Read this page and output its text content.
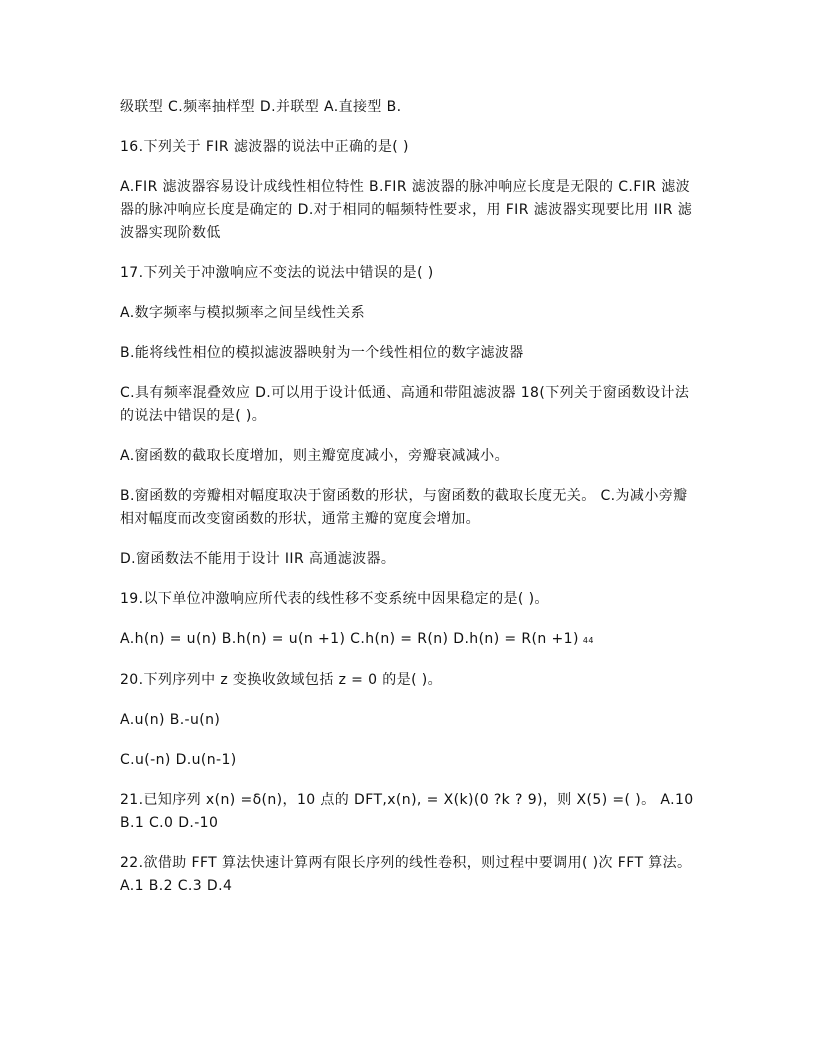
级联型 C.频率抽样型 D.并联型 A.直接型 B.

16.下列关于 FIR 滤波器的说法中正确的是( )

A.FIR 滤波器容易设计成线性相位特性 B.FIR 滤波器的脉冲响应长度是无限的 C.FIR 滤波器的脉冲响应长度是确定的 D.对于相同的幅频特性要求，用 FIR 滤波器实现要比用 IIR 滤波器实现阶数低

17.下列关于冲激响应不变法的说法中错误的是( )

A.数字频率与模拟频率之间呈线性关系

B.能将线性相位的模拟滤波器映射为一个线性相位的数字滤波器

C.具有频率混叠效应 D.可以用于设计低通、高通和带阻滤波器 18(下列关于窗函数设计法的说法中错误的是( )。

A.窗函数的截取长度增加，则主瓣宽度减小，旁瓣衰减减小。

B.窗函数的旁瓣相对幅度取决于窗函数的形状，与窗函数的截取长度无关。 C.为减小旁瓣相对幅度而改变窗函数的形状，通常主瓣的宽度会增加。

D.窗函数法不能用于设计 IIR 高通滤波器。

19.以下单位冲激响应所代表的线性移不变系统中因果稳定的是( )。

A.h(n) = u(n) B.h(n) = u(n +1) C.h(n) = R(n) D.h(n) = R(n +1) 44

20.下列序列中 z 变换收敛域包括 z = 0 的是( )。

A.u(n) B.-u(n)

C.u(-n) D.u(n-1)

21.已知序列 x(n) =δ(n)，10 点的 DFT,x(n), = X(k)(0 ?k ? 9)，则 X(5) =( )。 A.10 B.1 C.0 D.-10

22.欲借助 FFT 算法快速计算两有限长序列的线性卷积，则过程中要调用( )次 FFT 算法。 A.1 B.2 C.3 D.4
